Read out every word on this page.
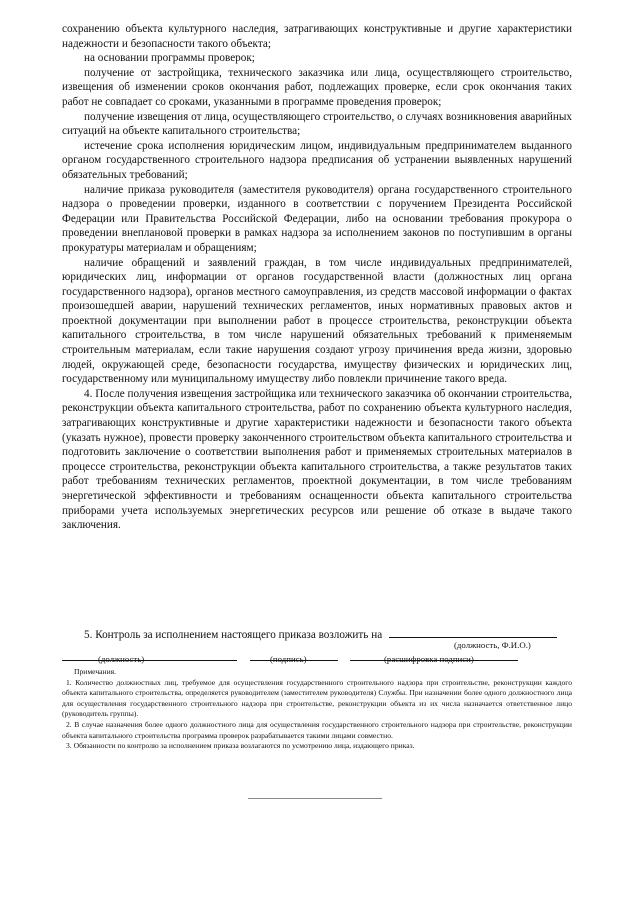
сохранению объекта культурного наследия, затрагивающих конструктивные и другие характеристики надежности и безопасности такого объекта;

на основании программы проверок;

получение от застройщика, технического заказчика или лица, осуществляющего строительство, извещения об изменении сроков окончания работ, подлежащих проверке, если срок окончания таких работ не совпадает со сроками, указанными в программе проведения проверок;

получение извещения от лица, осуществляющего строительство, о случаях возникновения аварийных ситуаций на объекте капитального строительства;

истечение срока исполнения юридическим лицом, индивидуальным предпринимателем выданного органом государственного строительного надзора предписания об устранении выявленных нарушений обязательных требований;

наличие приказа руководителя (заместителя руководителя) органа государственного строительного надзора о проведении проверки, изданного в соответствии с поручением Президента Российской Федерации или Правительства Российской Федерации, либо на основании требования прокурора о проведении внеплановой проверки в рамках надзора за исполнением законов по поступившим в органы прокуратуры материалам и обращениям;

наличие обращений и заявлений граждан, в том числе индивидуальных предпринимателей, юридических лиц, информации от органов государственной власти (должностных лиц органа государственного надзора), органов местного самоуправления, из средств массовой информации о фактах произошедшей аварии, нарушений технических регламентов, иных нормативных правовых актов и проектной документации при выполнении работ в процессе строительства, реконструкции объекта капитального строительства, в том числе нарушений обязательных требований к применяемым строительным материалам, если такие нарушения создают угрозу причинения вреда жизни, здоровью людей, окружающей среде, безопасности государства, имуществу физических и юридических лиц, государственному или муниципальному имуществу либо повлекли причинение такого вреда.

4. После получения извещения застройщика или технического заказчика об окончании строительства, реконструкции объекта капитального строительства, работ по сохранению объекта культурного наследия, затрагивающих конструктивные и другие характеристики надежности и безопасности такого объекта (указать нужное), провести проверку законченного строительством объекта капитального строительства и подготовить заключение о соответствии выполнения работ и применяемых строительных материалов в процессе строительства, реконструкции объекта капитального строительства, а также результатов таких работ требованиям технических регламентов, проектной документации, в том числе требованиям энергетической эффективности и требованиям оснащенности объекта капитального строительства приборами учета используемых энергетических ресурсов или решение об отказе в выдаче такого заключения.

5. Контроль за исполнением настоящего приказа возложить на
(должность, Ф.И.О.)
(должность)	(подпись)	(расшифровка подписи)

Примечания.

1. Количество должностных лиц, требуемое для осуществления государственного строительного надзора при строительстве, реконструкции каждого объекта капитального строительства, определяется руководителем (заместителем руководителя) Службы. При назначении более одного должностного лица для осуществления государственного строительного надзора при строительстве, реконструкции объекта из их числа назначается ответственное лицо (руководитель группы).

2. В случае назначения более одного должностного лица для осуществления государственного строительного надзора при строительстве, реконструкции объекта капитального строительства программа проверок разрабатывается такими лицами совместно.

3. Обязанности по контролю за исполнением приказа возлагаются по усмотрению лица, издающего приказ.
